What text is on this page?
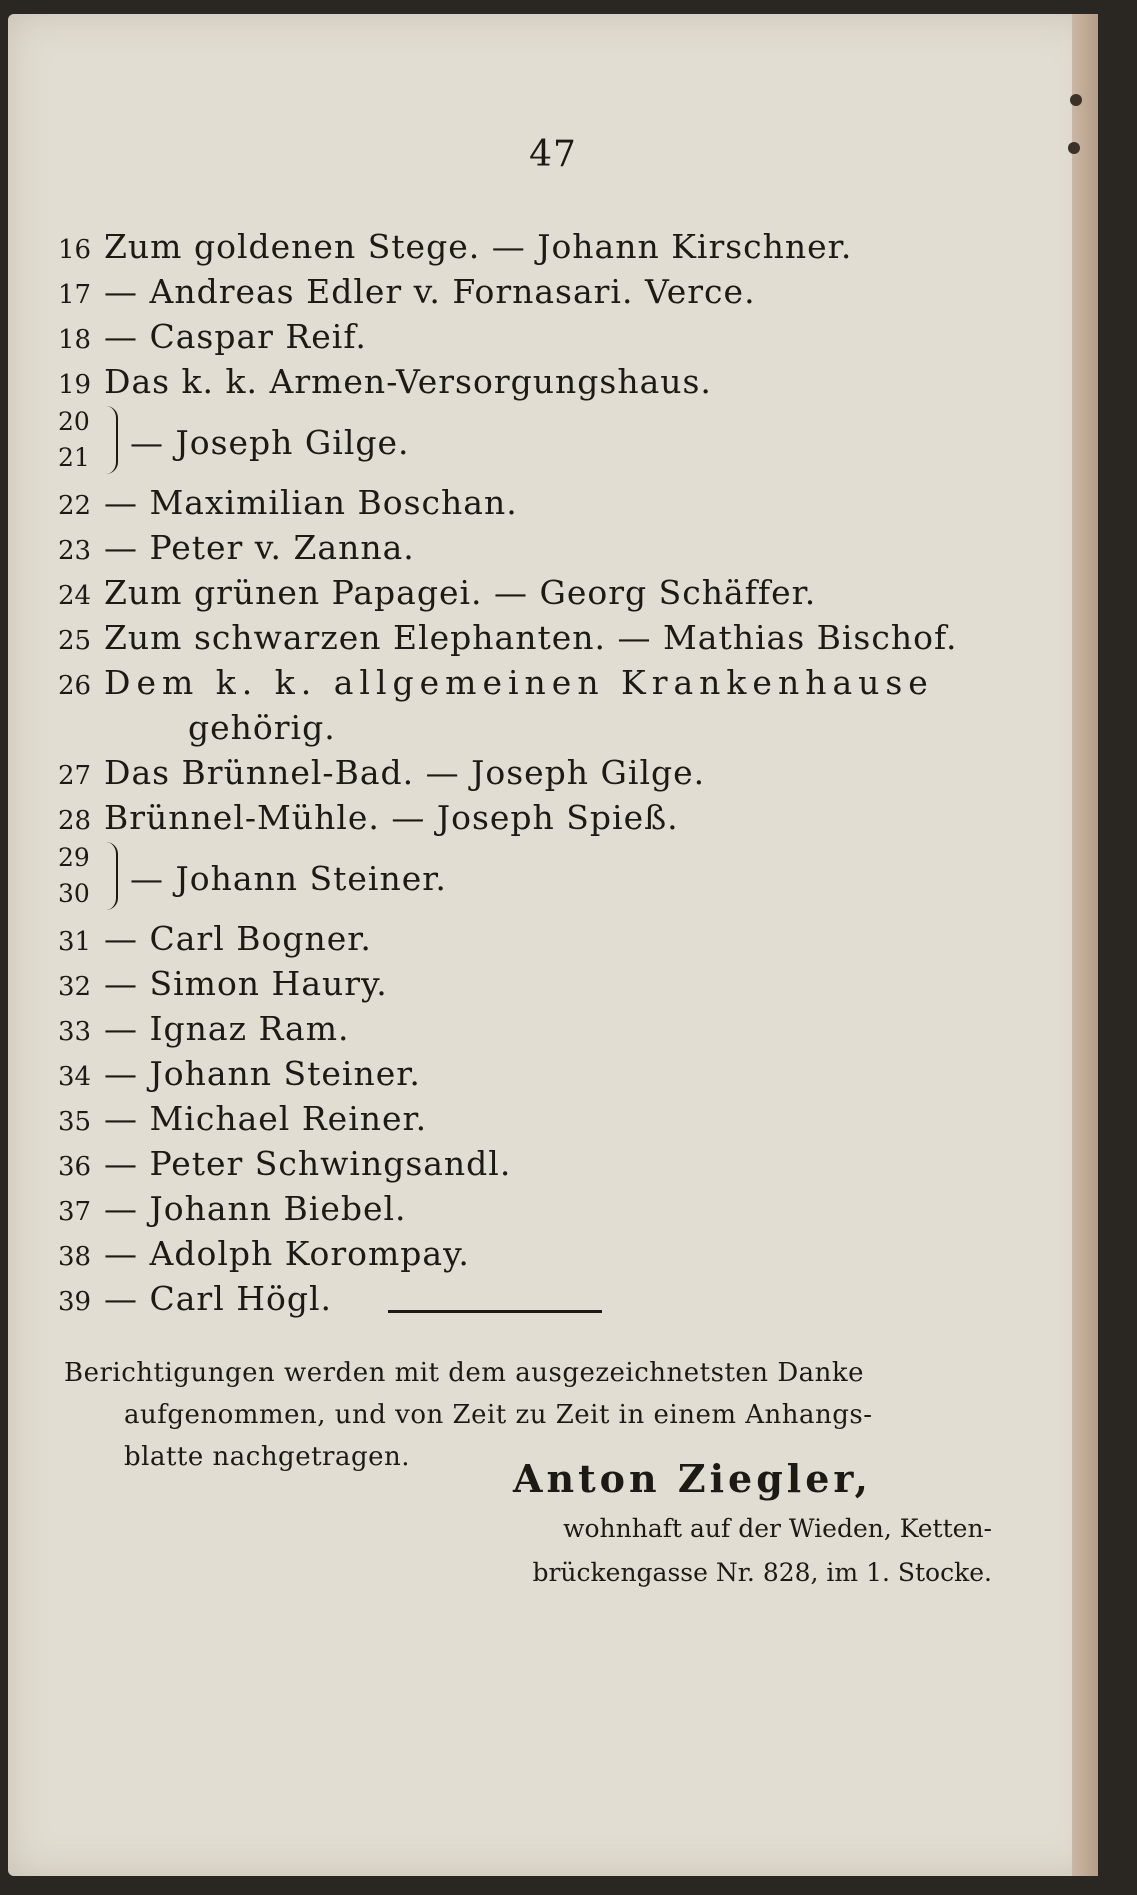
47
16 Zum goldenen Stege. — Johann Kirschner.
17 — Andreas Edler v. Fornasari. Verce.
18 — Caspar Reif.
19 Das k. k. Armen-Versorgungshaus.
20
21 — Joseph Gilge.
22 — Maximilian Boschan.
23 — Peter v. Zanna.
24 Zum grünen Papagei. — Georg Schäffer.
25 Zum schwarzen Elephanten. — Mathias Bischof.
26 Dem k. k. allgemeinen Krankenhause
gehörig.
27 Das Brünnel-Bad. — Joseph Gilge.
28 Brünnel-Mühle. — Joseph Spieß.
29
30 — Johann Steiner.
31 — Carl Bogner.
32 — Simon Haury.
33 — Ignaz Ram.
34 — Johann Steiner.
35 — Michael Reiner.
36 — Peter Schwingsandl.
37 — Johann Biebel.
38 — Adolph Korompay.
39 — Carl Högl.

Berichtigungen werden mit dem ausgezeichnetsten Danke

aufgenommen, und von Zeit zu Zeit in einem Anhangs-

blatte nachgetragen.	Anton Ziegler,
wohnhaft auf der Wieden, Ketten-
brückengasse Nr. 828, im 1. Stocke.
